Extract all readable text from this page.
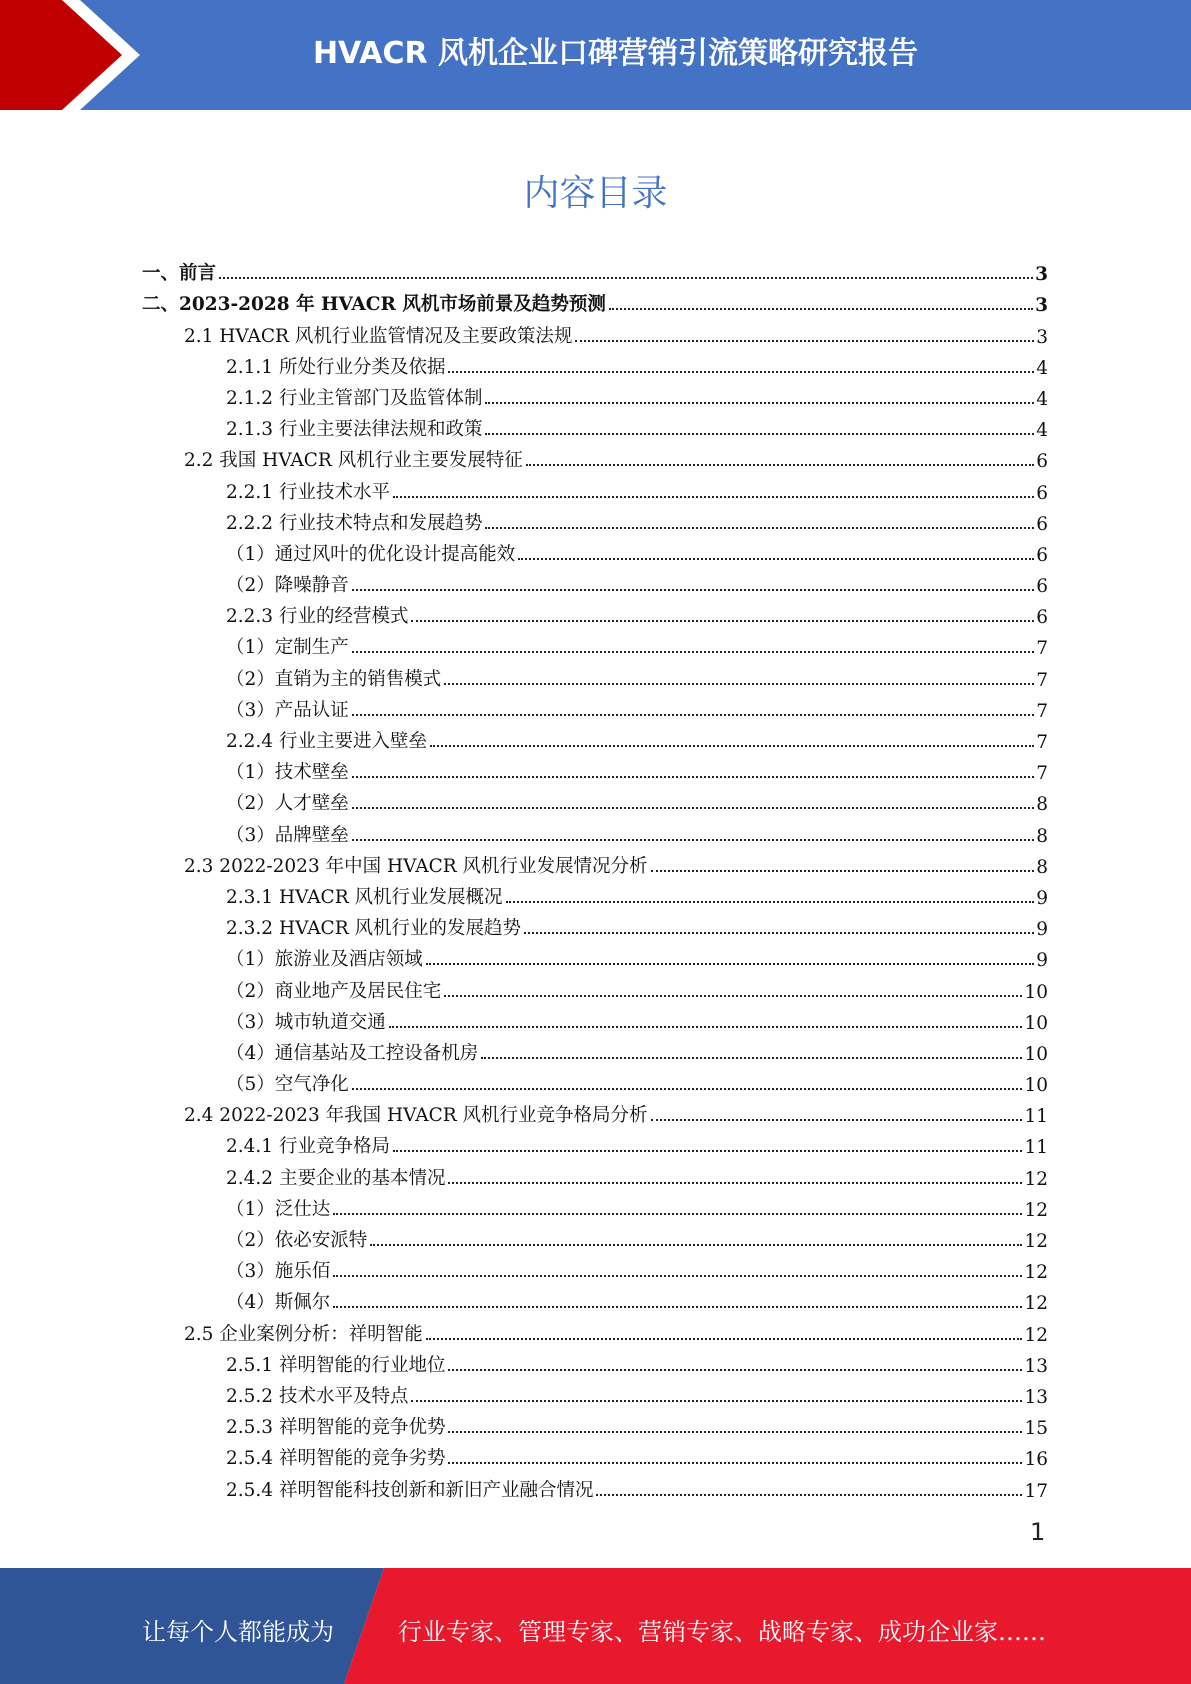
HVACR 风机企业口碑营销引流策略研究报告
内容目录
一、前言	3
二、2023-2028 年 HVACR 风机市场前景及趋势预测	3
2.1 HVACR 风机行业监管情况及主要政策法规	3
2.1.1 所处行业分类及依据	4
2.1.2 行业主管部门及监管体制	4
2.1.3 行业主要法律法规和政策	4
2.2 我国 HVACR 风机行业主要发展特征	6
2.2.1 行业技术水平	6
2.2.2 行业技术特点和发展趋势	6
（1）通过风叶的优化设计提高能效	6
（2）降噪静音	6
2.2.3 行业的经营模式	6
（1）定制生产	7
（2）直销为主的销售模式	7
（3）产品认证	7
2.2.4 行业主要进入壁垒	7
（1）技术壁垒	7
（2）人才壁垒	8
（3）品牌壁垒	8
2.3 2022-2023 年中国 HVACR 风机行业发展情况分析	8
2.3.1 HVACR 风机行业发展概况	9
2.3.2 HVACR 风机行业的发展趋势	9
（1）旅游业及酒店领域	9
（2）商业地产及居民住宅	10
（3）城市轨道交通	10
（4）通信基站及工控设备机房	10
（5）空气净化	10
2.4 2022-2023 年我国 HVACR 风机行业竞争格局分析	11
2.4.1 行业竞争格局	11
2.4.2 主要企业的基本情况	12
（1）泛仕达	12
（2）依必安派特	12
（3）施乐佰	12
（4）斯佩尔	12
2.5 企业案例分析：祥明智能	12
2.5.1 祥明智能的行业地位	13
2.5.2 技术水平及特点	13
2.5.3 祥明智能的竞争优势	15
2.5.4 祥明智能的竞争劣势	16
2.5.4 祥明智能科技创新和新旧产业融合情况	17
1
让每个人都能成为	行业专家、管理专家、营销专家、战略专家、成功企业家……
